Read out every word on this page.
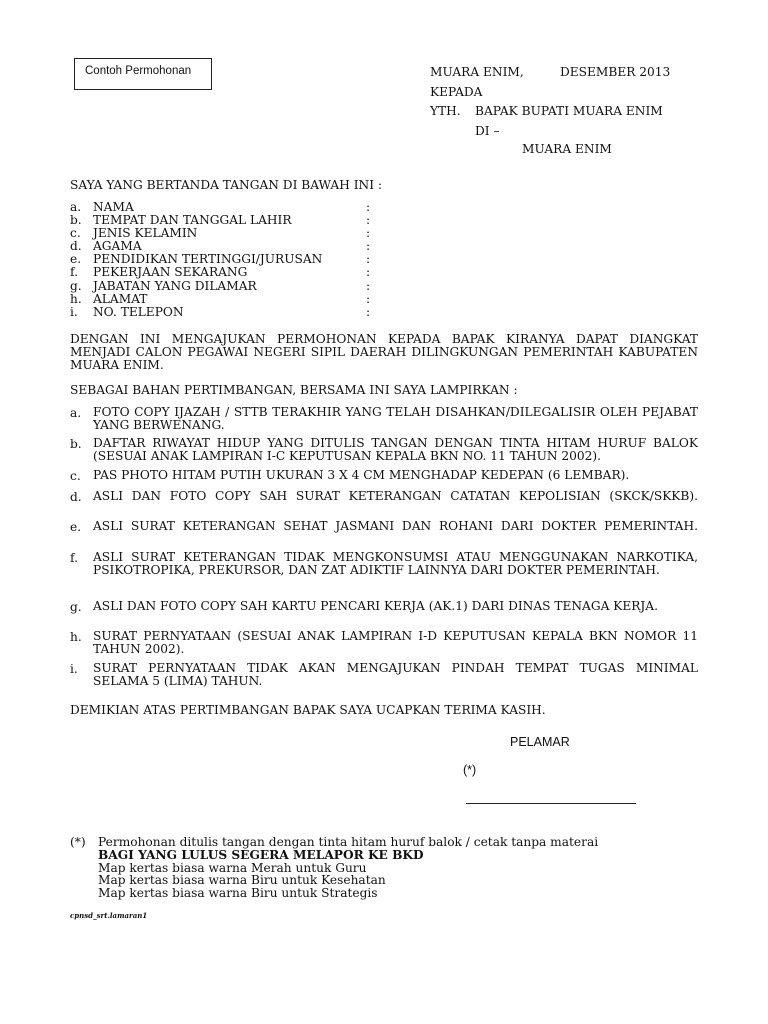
Contoh Permohonan	MUARA ENIM,	DESEMBER 2013
KEPADA
YTH. BAPAK BUPATI MUARA ENIM
DI –
MUARA ENIM
SAYA YANG BERTANDA TANGAN DI BAWAH INI :
a. NAMA	:
b. TEMPAT DAN TANGGAL LAHIR	:
c. JENIS KELAMIN	:
d. AGAMA	:
e. PENDIDIKAN TERTINGGI/JURUSAN	:
f. PEKERJAAN SEKARANG	:
g. JABATAN YANG DILAMAR	:
h. ALAMAT	:
i. NO. TELEPON	:
DENGAN INI MENGAJUKAN PERMOHONAN KEPADA BAPAK KIRANYA DAPAT DIANGKAT MENJADI CALON PEGAWAI NEGERI SIPIL DAERAH DILINGKUNGAN PEMERINTAH KABUPATEN MUARA ENIM.
SEBAGAI BAHAN PERTIMBANGAN, BERSAMA INI SAYA LAMPIRKAN :
a. FOTO COPY IJAZAH / STTB TERAKHIR YANG TELAH DISAHKAN/DILEGALISIR OLEH PEJABAT YANG BERWENANG.
b. DAFTAR RIWAYAT HIDUP YANG DITULIS TANGAN DENGAN TINTA HITAM HURUF BALOK (SESUAI ANAK LAMPIRAN I-C KEPUTUSAN KEPALA BKN NO. 11 TAHUN 2002).
c. PAS PHOTO HITAM PUTIH UKURAN 3 X 4 CM MENGHADAP KEDEPAN (6 LEMBAR).
d. ASLI DAN FOTO COPY SAH SURAT KETERANGAN CATATAN KEPOLISIAN (SKCK/SKKB).
e. ASLI SURAT KETERANGAN SEHAT JASMANI DAN ROHANI DARI DOKTER PEMERINTAH.
f. ASLI SURAT KETERANGAN TIDAK MENGKONSUMSI ATAU MENGGUNAKAN NARKOTIKA, PSIKOTROPIKA, PREKURSOR, DAN ZAT ADIKTIF LAINNYA DARI DOKTER PEMERINTAH.
g. ASLI DAN FOTO COPY SAH KARTU PENCARI KERJA (AK.1) DARI DINAS TENAGA KERJA.
h. SURAT PERNYATAAN (SESUAI ANAK LAMPIRAN I-D KEPUTUSAN KEPALA BKN NOMOR 11 TAHUN 2002).
i. SURAT PERNYATAAN TIDAK AKAN MENGAJUKAN PINDAH TEMPAT TUGAS MINIMAL SELAMA 5 (LIMA) TAHUN.
DEMIKIAN ATAS PERTIMBANGAN BAPAK SAYA UCAPKAN TERIMA KASIH.
PELAMAR
(*)
(*) Permohonan ditulis tangan dengan tinta hitam huruf balok / cetak tanpa materai
BAGI YANG LULUS SEGERA MELAPOR KE BKD
Map kertas biasa warna Merah untuk Guru
Map kertas biasa warna Biru untuk Kesehatan
Map kertas biasa warna Biru untuk Strategis
cpnsd_srt.lamaran1
